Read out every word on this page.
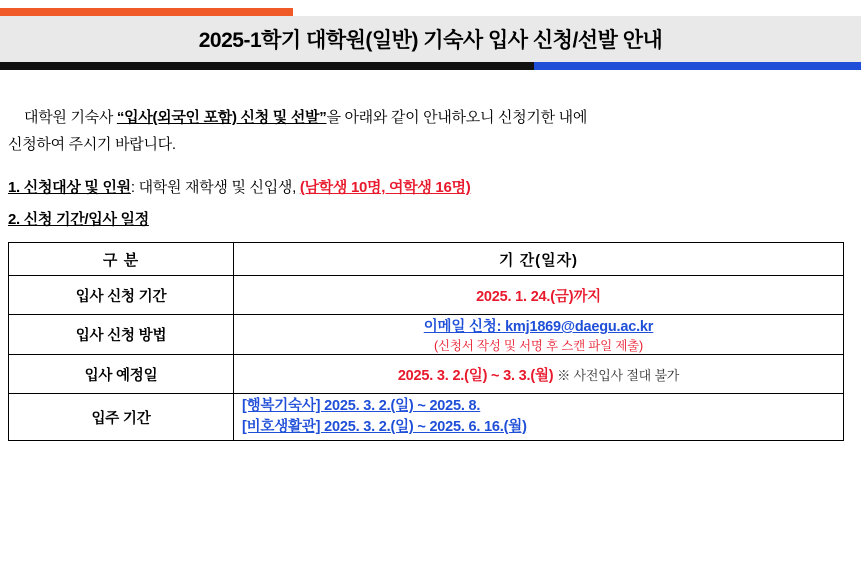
2025-1학기 대학원(일반) 기숙사 입사 신청/선발 안내
대학원 기숙사 “입사(외국인 포함) 신청 및 선발”을 아래와 같이 안내하오니 신청기한 내에
신청하여 주시기 바랍니다.
1. 신청대상 및 인원: 대학원 재학생 및 신입생, (남학생 10명, 여학생 16명)
2. 신청 기간/입사 일정
구 분	기 간(일자)
입사 신청 기간	2025. 1. 24.(금)까지
입사 신청 방법	이메일 신청: kmj1869@daegu.ac.kr
(신청서 작성 및 서명 후 스캔 파일 제출)

입사 예정일	2025. 3. 2.(일) ~ 3. 3.(월) ※ 사전입사 절대 불가
입주 기간	[행복기숙사] 2025. 3. 2.(일) ~ 2025. 8.
[비호생활관] 2025. 3. 2.(일) ~ 2025. 6. 16.(월)
